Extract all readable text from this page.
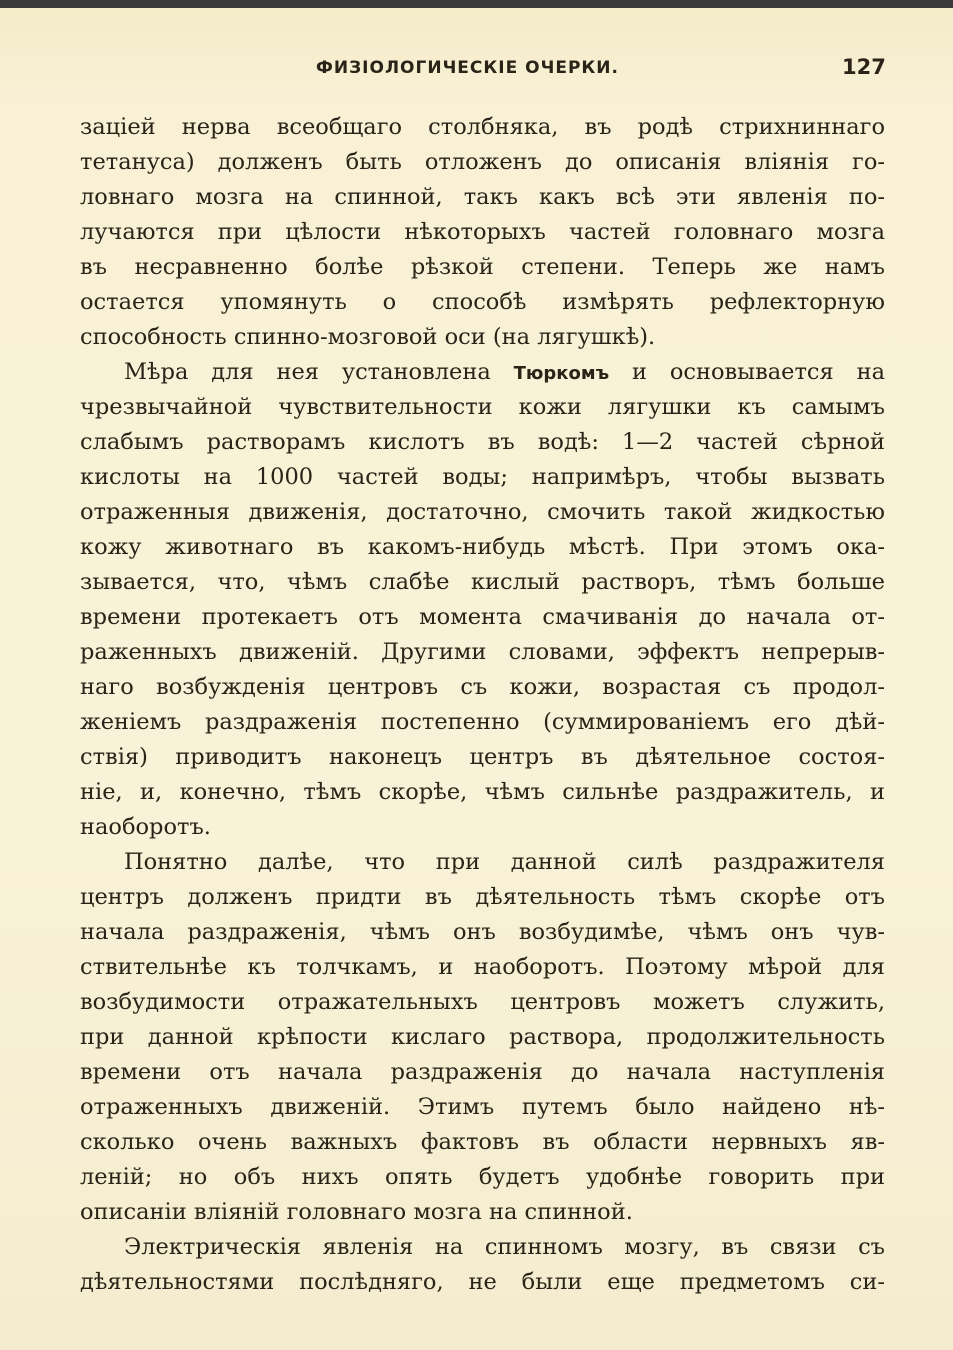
ФИЗIОЛОГИЧЕСКIЕ ОЧЕРКИ.	127
заціей нерва всеобщаго столбняка, въ родѣ стрихниннаго
тетануса) долженъ быть отложенъ до описанія вліянія го-
ловнаго мозга на спинной, такъ какъ всѣ эти явленія по-
лучаются при цѣлости нѣкоторыхъ частей головнаго мозга
въ несравненно болѣе рѣзкой степени. Теперь же намъ
остается упомянуть о способѣ измѣрять рефлекторную
способность спинно-мозговой оси (на лягушкѣ).
Мѣра для нея установлена Тюркомъ и основывается на
чрезвычайной чувствительности кожи лягушки къ самымъ
слабымъ растворамъ кислотъ въ водѣ: 1—2 частей сѣрной
кислоты на 1000 частей воды; напримѣръ, чтобы вызвать
отраженныя движенія, достаточно, смочить такой жидкостью
кожу животнаго въ какомъ-нибудь мѣстѣ. При этомъ ока-
зывается, что, чѣмъ слабѣе кислый растворъ, тѣмъ больше
времени протекаетъ отъ момента смачиванія до начала от-
раженныхъ движеній. Другими словами, эффектъ непрерыв-
наго возбужденія центровъ съ кожи, возрастая съ продол-
женіемъ раздраженія постепенно (суммированіемъ его дѣй-
ствія) приводитъ наконецъ центръ въ дѣятельное состоя-
ніе, и, конечно, тѣмъ скорѣе, чѣмъ сильнѣе раздражитель, и
наоборотъ.
Понятно далѣе, что при данной силѣ раздражителя
центръ долженъ придти въ дѣятельность тѣмъ скорѣе отъ
начала раздраженія, чѣмъ онъ возбудимѣе, чѣмъ онъ чув-
ствительнѣе къ толчкамъ, и наоборотъ. Поэтому мѣрой для
возбудимости отражательныхъ центровъ можетъ служить,
при данной крѣпости кислаго раствора, продолжительность
времени отъ начала раздраженія до начала наступленія
отраженныхъ движеній. Этимъ путемъ было найдено нѣ-
сколько очень важныхъ фактовъ въ области нервныхъ яв-
леній; но объ нихъ опять будетъ удобнѣе говорить при
описаніи вліяній головнаго мозга на спинной.
Электрическія явленія на спинномъ мозгу, въ связи съ
дѣятельностями послѣдняго, не были еще предметомъ си-
